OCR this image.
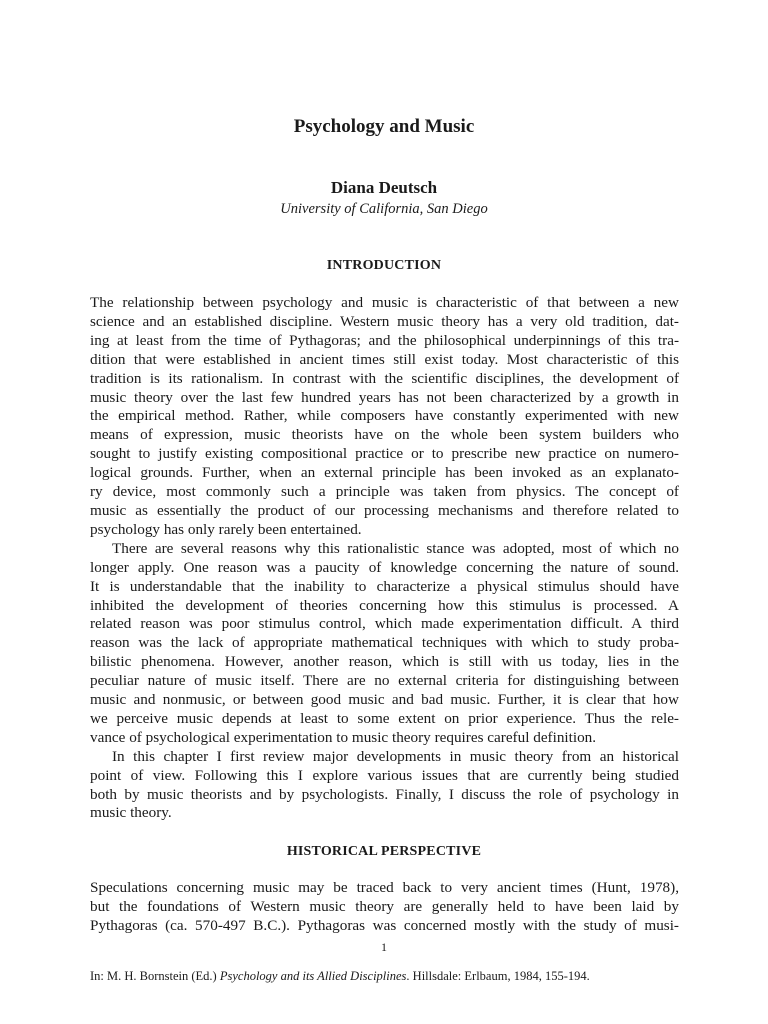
Psychology and Music
Diana Deutsch
University of California, San Diego
INTRODUCTION
The relationship between psychology and music is characteristic of that between a new
science and an established discipline. Western music theory has a very old tradition, dat-
ing at least from the time of Pythagoras; and the philosophical underpinnings of this tra-
dition that were established in ancient times still exist today. Most characteristic of this
tradition is its rationalism. In contrast with the scientific disciplines, the development of
music theory over the last few hundred years has not been characterized by a growth in
the empirical method. Rather, while composers have constantly experimented with new
means of expression, music theorists have on the whole been system builders who
sought to justify existing compositional practice or to prescribe new practice on numero-
logical grounds. Further, when an external principle has been invoked as an explanato-
ry device, most commonly such a principle was taken from physics. The concept of
music as essentially the product of our processing mechanisms and therefore related to
psychology has only rarely been entertained.
There are several reasons why this rationalistic stance was adopted, most of which no
longer apply. One reason was a paucity of knowledge concerning the nature of sound.
It is understandable that the inability to characterize a physical stimulus should have
inhibited the development of theories concerning how this stimulus is processed. A
related reason was poor stimulus control, which made experimentation difficult. A third
reason was the lack of appropriate mathematical techniques with which to study proba-
bilistic phenomena. However, another reason, which is still with us today, lies in the
peculiar nature of music itself. There are no external criteria for distinguishing between
music and nonmusic, or between good music and bad music. Further, it is clear that how
we perceive music depends at least to some extent on prior experience. Thus the rele-
vance of psychological experimentation to music theory requires careful definition.
In this chapter I first review major developments in music theory from an historical
point of view. Following this I explore various issues that are currently being studied
both by music theorists and by psychologists. Finally, I discuss the role of psychology in
music theory.
HISTORICAL PERSPECTIVE
Speculations concerning music may be traced back to very ancient times (Hunt, 1978),
but the foundations of Western music theory are generally held to have been laid by
Pythagoras (ca. 570-497 B.C.). Pythagoras was concerned mostly with the study of musi-
1
In: M. H. Bornstein (Ed.) Psychology and its Allied Disciplines. Hillsdale: Erlbaum, 1984, 155-194.
